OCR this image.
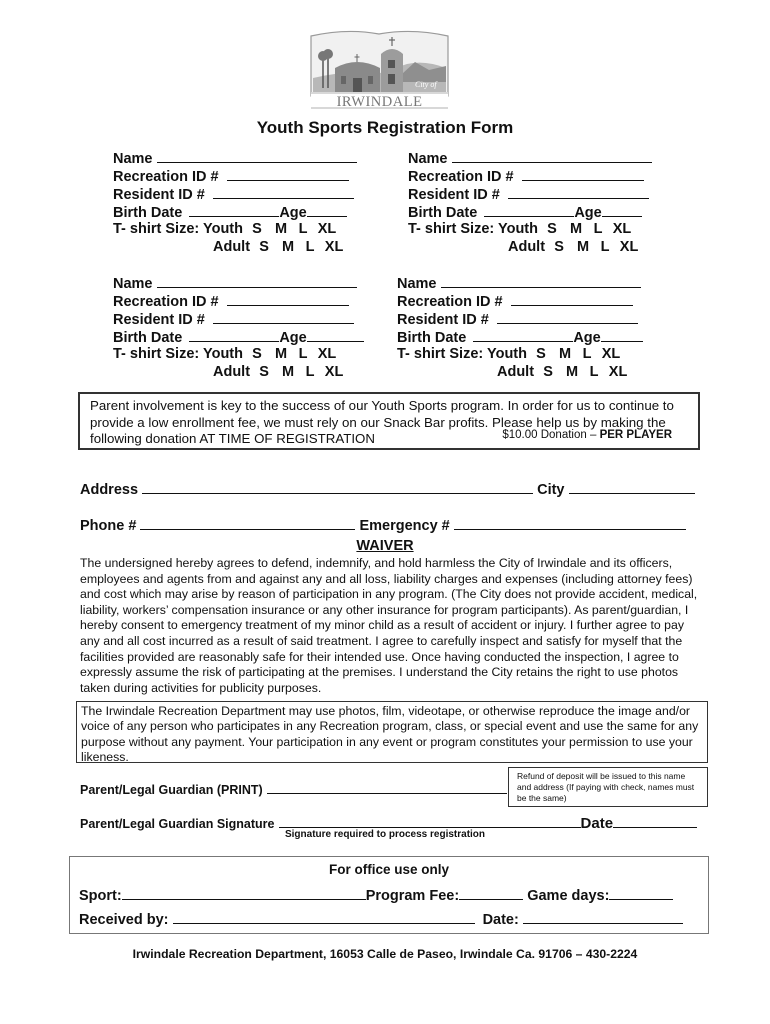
City of
IRWINDALE
Youth Sports Registration Form
Name
Recreation ID #
Resident ID #
Birth Date	Age
T- shirt Size: Youth S M L XL
Adult S M L XL
Name
Recreation ID #
Resident ID #
Birth Date	Age
T- shirt Size: Youth S M L XL
Adult S M L XL
Name
Recreation ID #
Resident ID #
Birth Date	Age
T- shirt Size: Youth S M L XL
Adult S M L XL
Name
Recreation ID #
Resident ID #
Birth Date	Age
T- shirt Size: Youth S M L XL
Adult S M L XL
Parent involvement is key to the success of our Youth Sports program. In order for us to continue to provide a low enrollment fee, we must rely on our Snack Bar profits. Please help us by making the following donation AT TIME OF REGISTRATION	$10.00 Donation – PER PLAYER
Address	City
Phone #	Emergency #
WAIVER
The undersigned hereby agrees to defend, indemnify, and hold harmless the City of Irwindale and its officers, employees and agents from and against any and all loss, liability charges and expenses (including attorney fees) and cost which may arise by reason of participation in any program. (The City does not provide accident, medical, liability, workers’ compensation insurance or any other insurance for program participants). As parent/guardian, I hereby consent to emergency treatment of my minor child as a result of accident or injury. I further agree to pay any and all cost incurred as a result of said treatment. I agree to carefully inspect and satisfy for myself that the facilities provided are reasonably safe for their intended use. Once having conducted the inspection, I agree to expressly assume the risk of participating at the premises. I understand the City retains the right to use photos taken during activities for publicity purposes.
The Irwindale Recreation Department may use photos, film, videotape, or otherwise reproduce the image and/or voice of any person who participates in any Recreation program, class, or special event and use the same for any purpose without any payment. Your participation in any event or program constitutes your permission to use your likeness.
Parent/Legal Guardian (PRINT)
Refund of deposit will be issued to this name and address (If paying with check, names must be the same)
Parent/Legal Guardian Signature	Date
Signature required to process registration
For office use only
Sport:	Program Fee:	Game days:
Received by:	Date:
Irwindale Recreation Department, 16053 Calle de Paseo, Irwindale Ca. 91706 – 430-2224
